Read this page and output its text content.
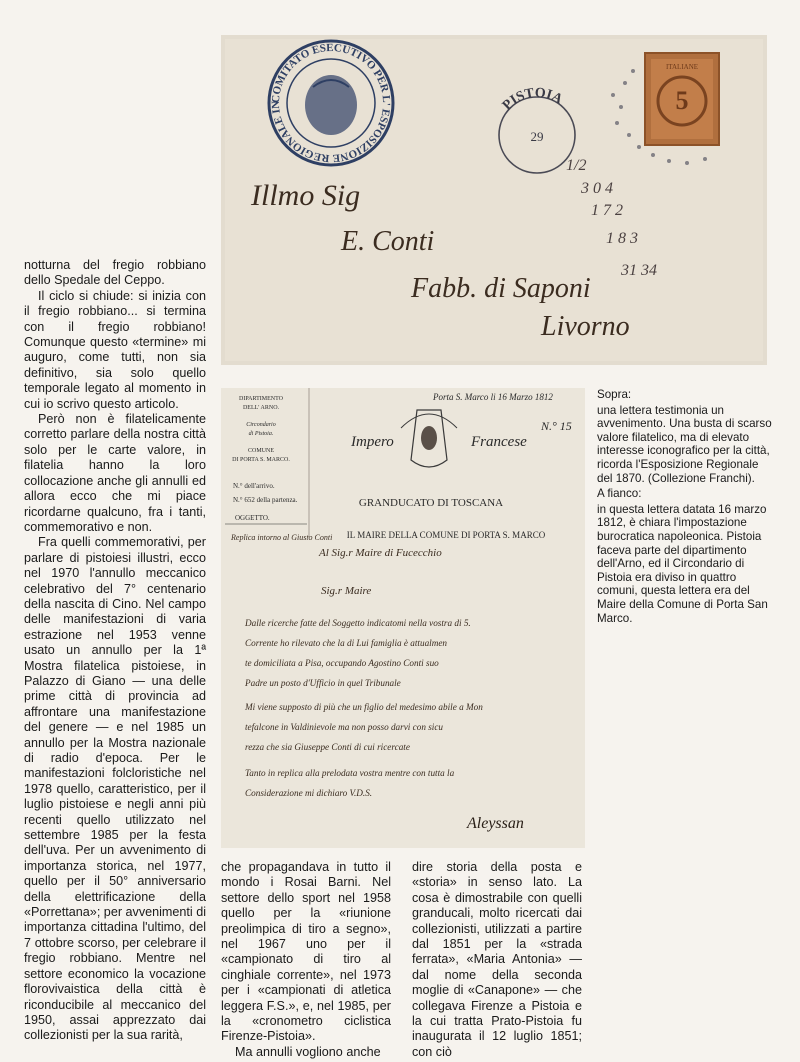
COMITATO ESECUTIVO PER L' ESPOSIZIONE REGIONALE IN	PISTOIA
29
5
ITALIANE
Illmo Sig
E. Conti
Fabb. di Saponi
Livorno
1/2
3 0 4
1 7 2
1 8 3
31 34
DIPARTIMENTO
DELL' ARNO.
Circondario
di Pistoia.
COMUNE
DI PORTA S. MARCO.
N.° dell'arrivo.
N.° 652 della partenza.
OGGETTO.
Replica intorno al Giusto Conti
Porta S. Marco li 16 Marzo 1812
N.° 15
Impero	Francese
GRANDUCATO DI TOSCANA
IL MAIRE DELLA COMUNE DI PORTA S. MARCO
Al Sig.r Maire di Fucecchio
Sig.r Maire
Dalle ricerche fatte del Soggetto indicatomi nella vostra di 5.
Corrente ho rilevato che la di Lui famiglia è attualmen
te domiciliata a Pisa, occupando Agostino Conti suo
Padre un posto d'Ufficio in quel Tribunale
Mi viene supposto di più che un figlio del medesimo abile a Mon
tefalcone in Valdinievole ma non posso darvi con sicu
rezza che sia Giuseppe Conti di cui ricercate
Tanto in replica alla prelodata vostra mentre con tutta la
Considerazione mi dichiaro V.D.S.
Aleyssan

Sopra:

una lettera testimonia un avvenimento. Una busta di scarso valore filatelico, ma di elevato interesse iconografico per la città, ricorda l'Esposizione Regionale del 1870. (Collezione Franchi).

A fianco:

in questa lettera datata 16 marzo 1812, è chiara l'impostazione burocratica napoleonica. Pistoia faceva parte del dipartimento dell'Arno, ed il Circondario di Pistoia era diviso in quattro comuni, questa lettera era del Maire della Comune di Porta San Marco.

notturna del fregio robbiano dello Spedale del Ceppo.

Il ciclo si chiude: si inizia con il fregio robbiano... si termina con il fregio robbiano! Comunque questo «termine» mi auguro, come tutti, non sia definitivo, sia solo quello temporale legato al momento in cui io scrivo questo articolo.

Però non è filatelicamente corretto parlare della nostra città solo per le carte valore, in filatelia hanno la loro collocazione anche gli annulli ed allora ecco che mi piace ricordarne qualcuno, fra i tanti, commemorativo e non.

Fra quelli commemorativi, per parlare di pistoiesi illustri, ecco nel 1970 l'annullo meccanico celebrativo del 7° centenario della nascita di Cino. Nel campo delle manifestazioni di varia estrazione nel 1953 venne usato un annullo per la 1ª Mostra filatelica pistoiese, in Palazzo di Giano — una delle prime città di provincia ad affrontare una manifestazione del genere — e nel 1985 un annullo per la Mostra nazionale di radio d'epoca. Per le manifestazioni folcloristiche nel 1978 quello, caratteristico, per il luglio pistoiese e negli anni più recenti quello utilizzato nel settembre 1985 per la festa dell'uva. Per un avvenimento di importanza storica, nel 1977, quello per il 50° anniversario della elettrificazione della «Porrettana»; per avvenimenti di importanza cittadina l'ultimo, del 7 ottobre scorso, per celebrare il fregio robbiano. Mentre nel settore economico la vocazione florovivaistica della città è riconducibile al meccanico del 1950, assai apprezzato dai collezionisti per la sua rarità,

che propagandava in tutto il mondo i Rosai Barni. Nel settore dello sport nel 1958 quello per la «riunione preolimpica di tiro a segno», nel 1967 uno per il «campionato di tiro al cinghiale corrente», nel 1973 per i «campionati di atletica leggera F.S.», e, nel 1985, per la «cronometro ciclistica Firenze-Pistoia».

Ma annulli vogliono anche

dire storia della posta e «storia» in senso lato. La cosa è dimostrabile con quelli granducali, molto ricercati dai collezionisti, utilizzati a partire dal 1851 per la «strada ferrata», «Maria Antonia» — dal nome della seconda moglie di «Canapone» — che collegava Firenze a Pistoia e la cui tratta Prato-Pistoia fu inaugurata il 12 luglio 1851; con ciò
